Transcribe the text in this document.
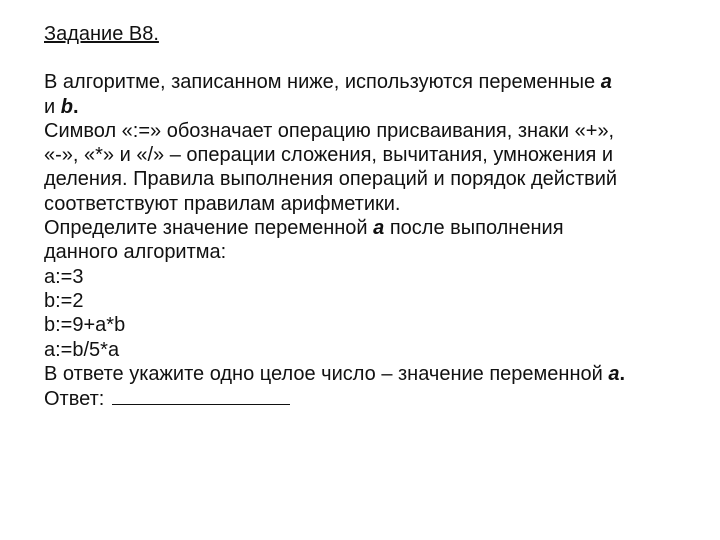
Задание B8.
В алгоритме, записанном ниже, используются переменные a
и b.
Символ «:=» обозначает операцию присваивания, знаки «+»,
«-», «*» и «/» – операции сложения, вычитания, умножения и
деления. Правила выполнения операций и порядок действий
соответствуют правилам арифметики.
Определите значение переменной a после выполнения
данного алгоритма:
a:=3
b:=2
b:=9+a*b
a:=b/5*a
В ответе укажите одно целое число – значение переменной a.
Ответ:
